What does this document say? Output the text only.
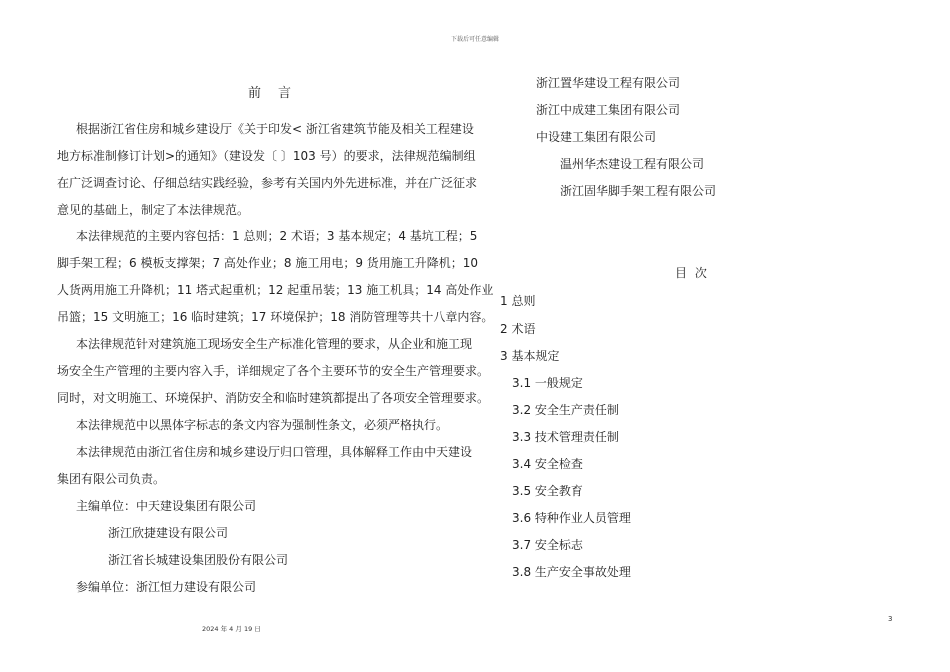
下载后可任意编辑
前　言
根据浙江省住房和城乡建设厅《关于印发< 浙江省建筑节能及相关工程建设
地方标准制修订计划>的通知》（建设发〔 〕103 号）的要求，法律规范编制组
在广泛调查讨论、仔细总结实践经验，参考有关国内外先进标准，并在广泛征求
意见的基础上，制定了本法律规范。
本法律规范的主要内容包括：1 总则；2 术语；3 基本规定；4 基坑工程；5
脚手架工程；6 模板支撑架；7 高处作业；8 施工用电；9 货用施工升降机；10
人货两用施工升降机；11 塔式起重机；12 起重吊装；13 施工机具；14 高处作业
吊篮；15 文明施工；16 临时建筑；17 环境保护；18 消防管理等共十八章内容。
本法律规范针对建筑施工现场安全生产标准化管理的要求，从企业和施工现
场安全生产管理的主要内容入手，详细规定了各个主要环节的安全生产管理要求。
同时，对文明施工、环境保护、消防安全和临时建筑都提出了各项安全管理要求。
本法律规范中以黑体字标志的条文内容为强制性条文，必须严格执行。
本法律规范由浙江省住房和城乡建设厅归口管理，具体解释工作由中天建设
集团有限公司负责。
主编单位：中天建设集团有限公司
浙江欣捷建设有限公司
浙江省长城建设集团股份有限公司
参编单位：浙江恒力建设有限公司
浙江置华建设工程有限公司
浙江中成建工集团有限公司
中设建工集团有限公司
温州华杰建设工程有限公司
浙江固华脚手架工程有限公司
目 次
1 总则
2 术语
3 基本规定
3.1 一般规定
3.2 安全生产责任制
3.3 技术管理责任制
3.4 安全检查
3.5 安全教育
3.6 特种作业人员管理
3.7 安全标志
3.8 生产安全事故处理
2024 年 4 月 19 日
3
